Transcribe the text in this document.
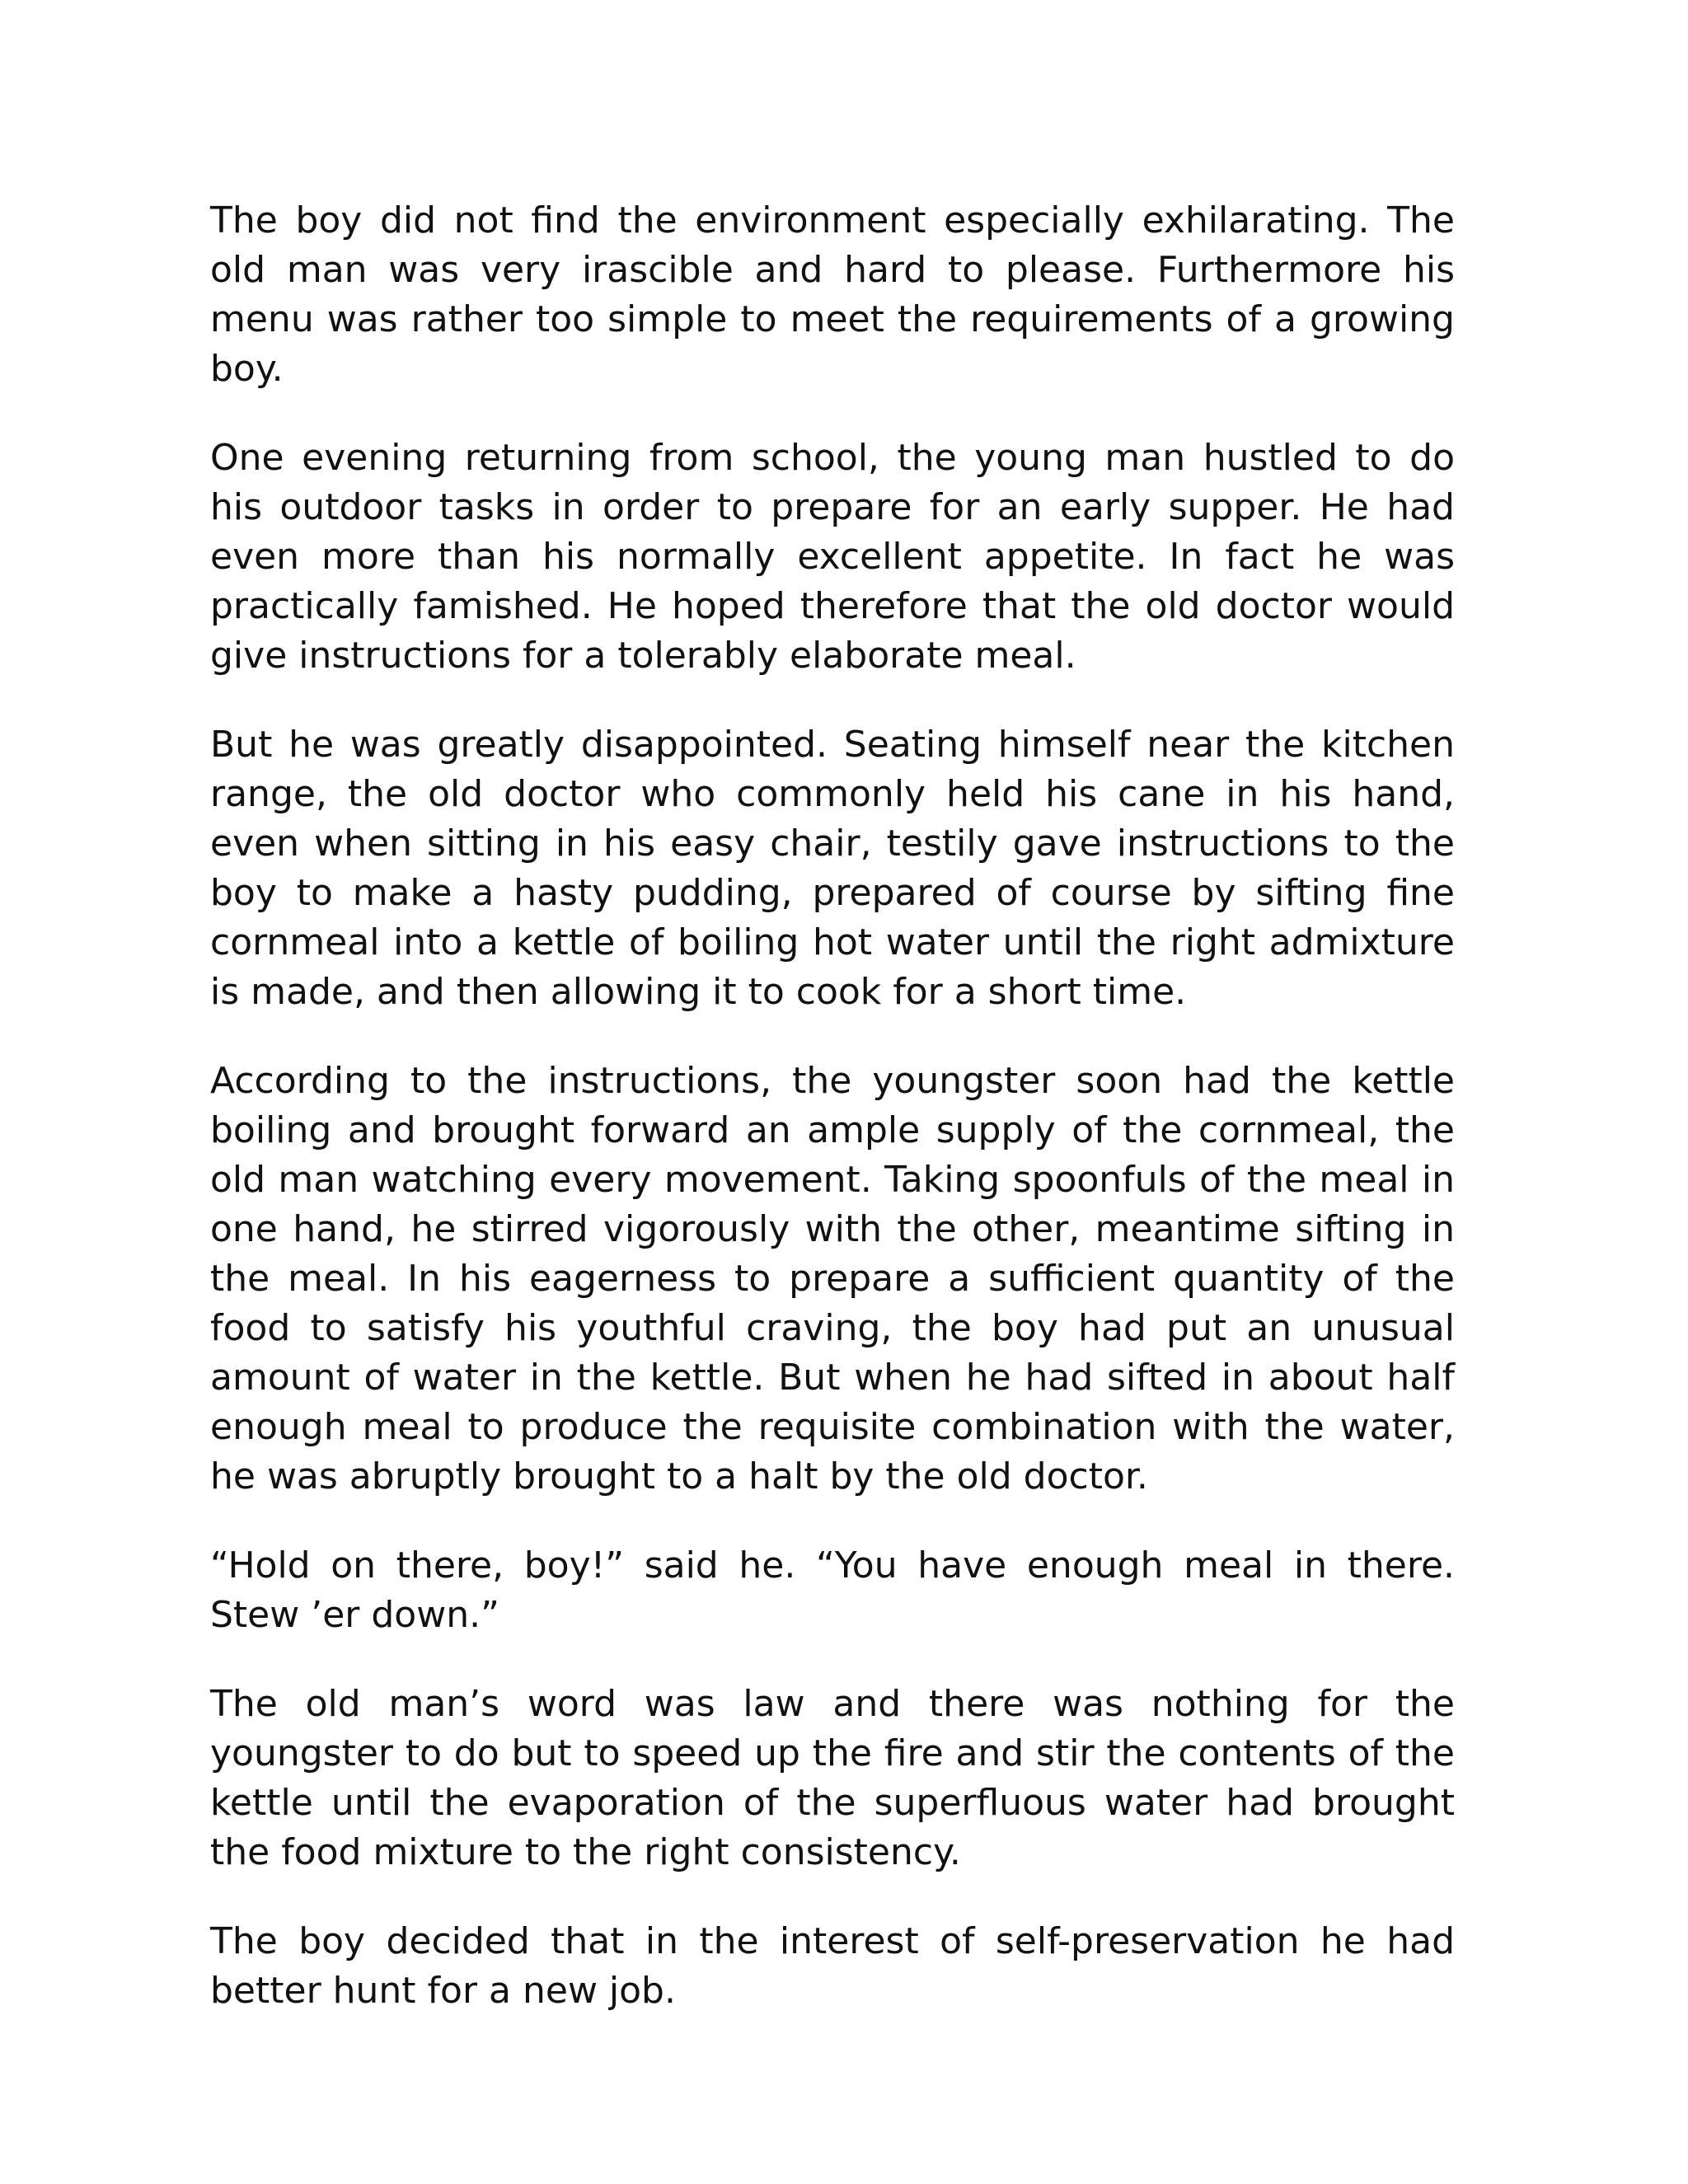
The boy did not find the environment especially exhilarating. The old man was very irascible and hard to please. Furthermore his menu was rather too simple to meet the requirements of a growing boy.

One evening returning from school, the young man hustled to do his outdoor tasks in order to prepare for an early supper. He had even more than his normally excellent appetite. In fact he was practically famished. He hoped therefore that the old doctor would give instructions for a tolerably elaborate meal.

But he was greatly disappointed. Seating himself near the kitchen range, the old doctor who commonly held his cane in his hand, even when sitting in his easy chair, testily gave instructions to the boy to make a hasty pudding, prepared of course by sifting fine cornmeal into a kettle of boiling hot water until the right admixture is made, and then allowing it to cook for a short time.

According to the instructions, the youngster soon had the kettle boiling and brought forward an ample supply of the cornmeal, the old man watching every movement. Taking spoonfuls of the meal in one hand, he stirred vigorously with the other, meantime sifting in the meal. In his eagerness to prepare a sufficient quantity of the food to satisfy his youthful craving, the boy had put an unusual amount of water in the kettle. But when he had sifted in about half enough meal to produce the requisite combination with the water, he was abruptly brought to a halt by the old doctor.

“Hold on there, boy!” said he. “You have enough meal in there. Stew ’er down.”

The old man’s word was law and there was nothing for the youngster to do but to speed up the fire and stir the contents of the kettle until the evaporation of the superfluous water had brought the food mixture to the right consistency.

The boy decided that in the interest of self-preservation he had better hunt for a new job.
